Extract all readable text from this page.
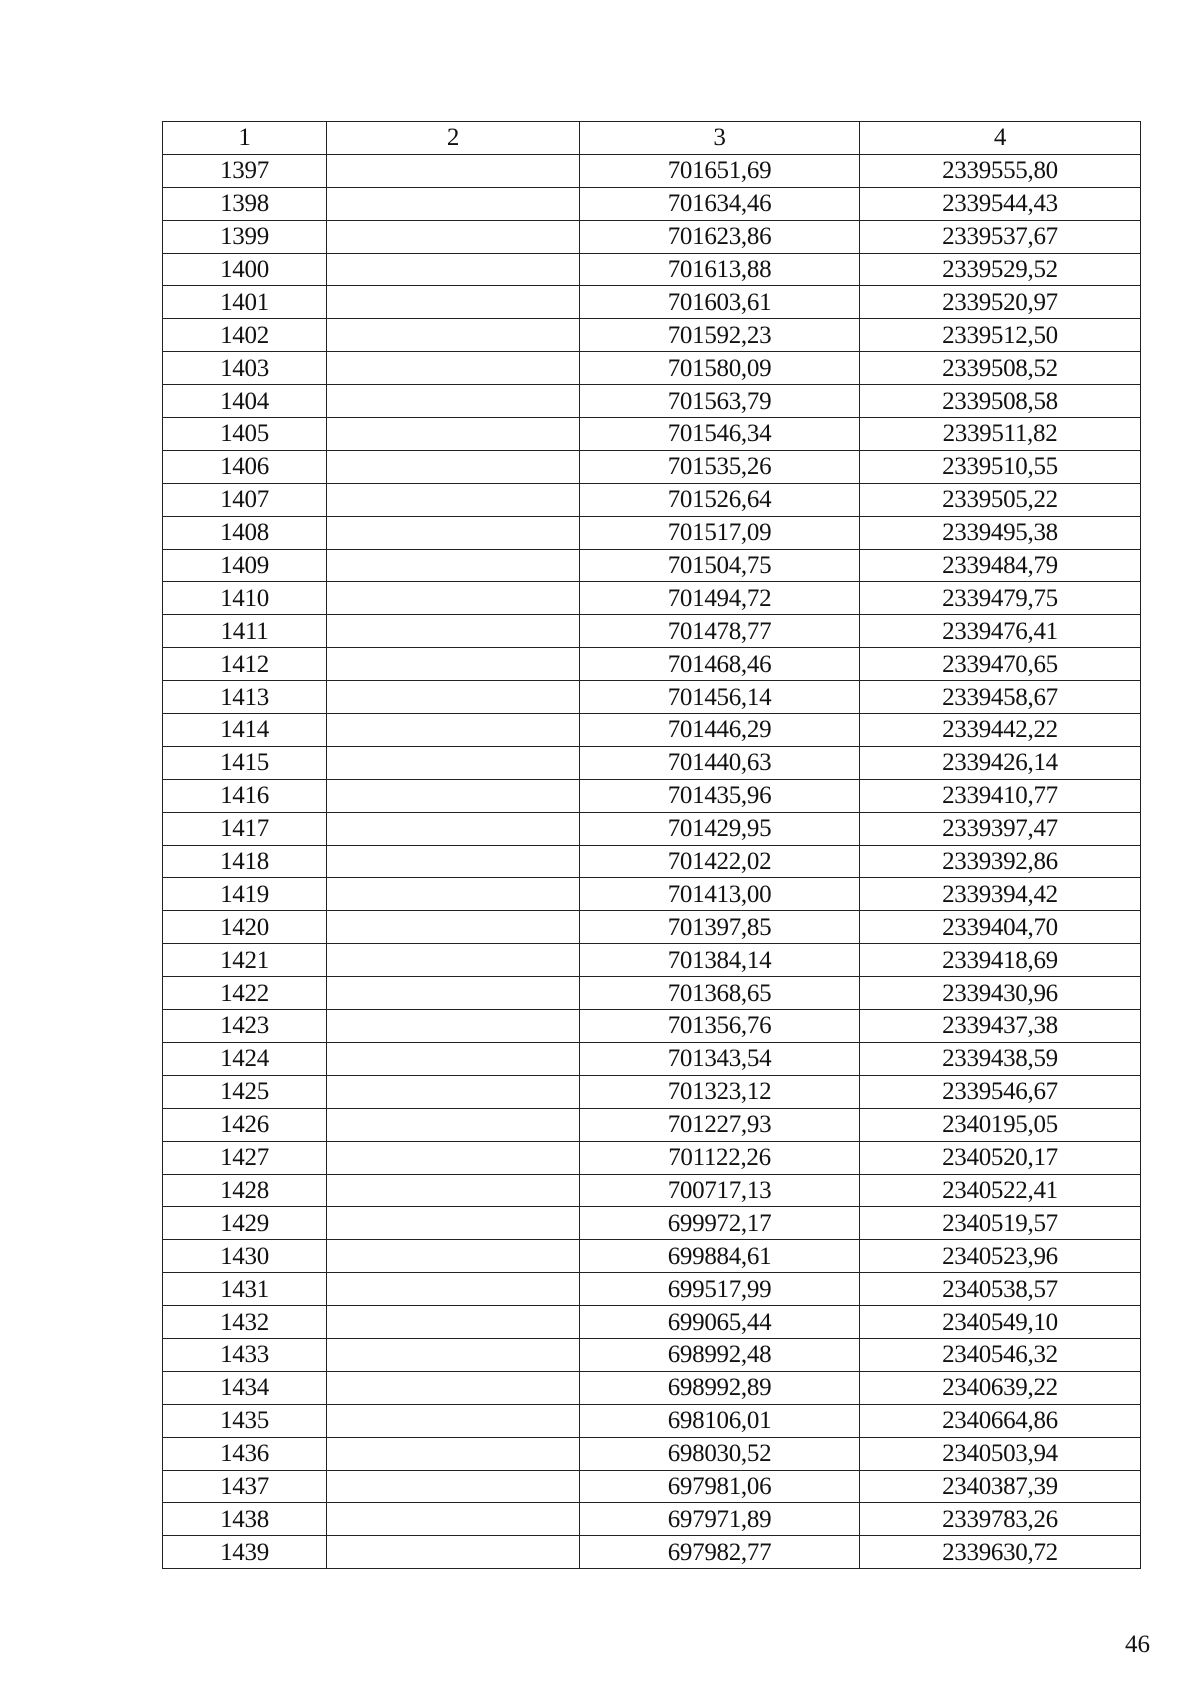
1	2	3	4
1397		701651,69	2339555,80
1398		701634,46	2339544,43
1399		701623,86	2339537,67
1400		701613,88	2339529,52
1401		701603,61	2339520,97
1402		701592,23	2339512,50
1403		701580,09	2339508,52
1404		701563,79	2339508,58
1405		701546,34	2339511,82
1406		701535,26	2339510,55
1407		701526,64	2339505,22
1408		701517,09	2339495,38
1409		701504,75	2339484,79
1410		701494,72	2339479,75
1411		701478,77	2339476,41
1412		701468,46	2339470,65
1413		701456,14	2339458,67
1414		701446,29	2339442,22
1415		701440,63	2339426,14
1416		701435,96	2339410,77
1417		701429,95	2339397,47
1418		701422,02	2339392,86
1419		701413,00	2339394,42
1420		701397,85	2339404,70
1421		701384,14	2339418,69
1422		701368,65	2339430,96
1423		701356,76	2339437,38
1424		701343,54	2339438,59
1425		701323,12	2339546,67
1426		701227,93	2340195,05
1427		701122,26	2340520,17
1428		700717,13	2340522,41
1429		699972,17	2340519,57
1430		699884,61	2340523,96
1431		699517,99	2340538,57
1432		699065,44	2340549,10
1433		698992,48	2340546,32
1434		698992,89	2340639,22
1435		698106,01	2340664,86
1436		698030,52	2340503,94
1437		697981,06	2340387,39
1438		697971,89	2339783,26
1439		697982,77	2339630,72
46
